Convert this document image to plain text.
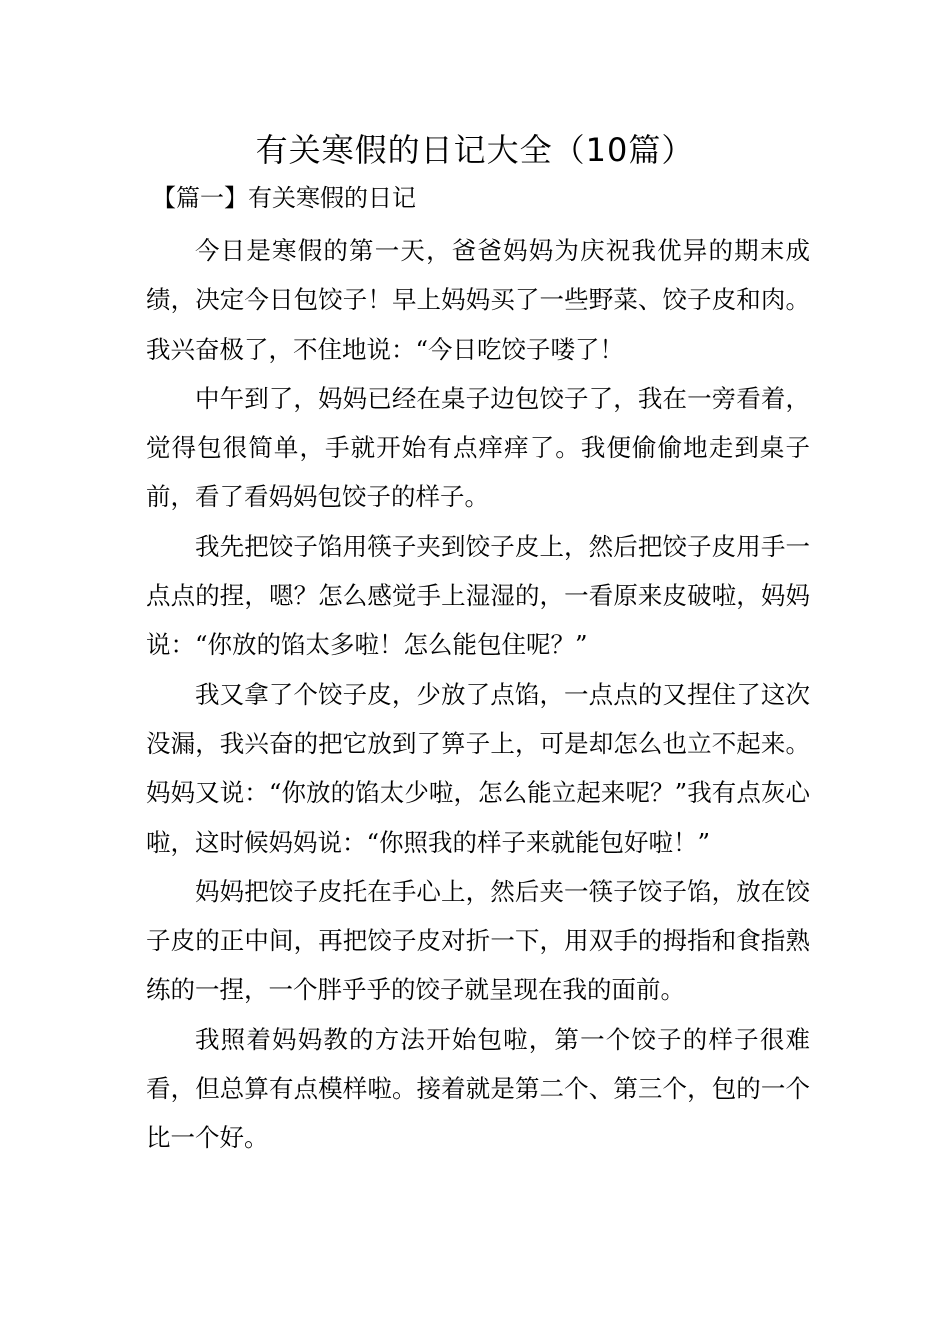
有关寒假的日记大全（10篇）
【篇一】有关寒假的日记

今日是寒假的第一天，爸爸妈妈为庆祝我优异的期末成绩，决定今日包饺子！早上妈妈买了一些野菜、饺子皮和肉。我兴奋极了，不住地说：“今日吃饺子喽了！

中午到了，妈妈已经在桌子边包饺子了，我在一旁看着，觉得包很简单，手就开始有点痒痒了。我便偷偷地走到桌子前，看了看妈妈包饺子的样子。

我先把饺子馅用筷子夹到饺子皮上，然后把饺子皮用手一点点的捏，嗯？怎么感觉手上湿湿的，一看原来皮破啦，妈妈说：“你放的馅太多啦！怎么能包住呢？”

我又拿了个饺子皮，少放了点馅，一点点的又捏住了这次没漏，我兴奋的把它放到了箅子上，可是却怎么也立不起来。妈妈又说：“你放的馅太少啦，怎么能立起来呢？”我有点灰心啦，这时候妈妈说：“你照我的样子来就能包好啦！”

妈妈把饺子皮托在手心上，然后夹一筷子饺子馅，放在饺子皮的正中间，再把饺子皮对折一下，用双手的拇指和食指熟练的一捏，一个胖乎乎的饺子就呈现在我的面前。

我照着妈妈教的方法开始包啦，第一个饺子的样子很难看，但总算有点模样啦。接着就是第二个、第三个，包的一个比一个好。
